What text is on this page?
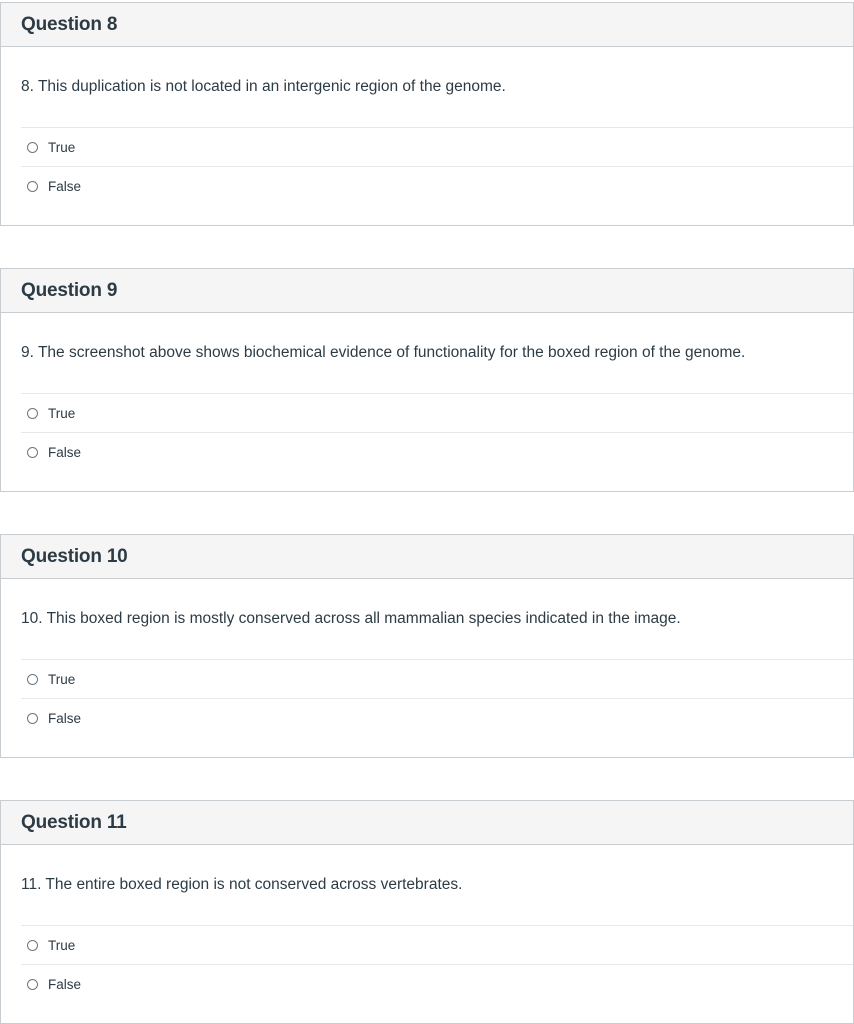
Question 8
8. This duplication is not located in an intergenic region of the genome.
True
False
Question 9
9. The screenshot above shows biochemical evidence of functionality for the boxed region of the genome.
True
False
Question 10
10. This boxed region is mostly conserved across all mammalian species indicated in the image.
True
False
Question 11
11. The entire boxed region is not conserved across vertebrates.
True
False
